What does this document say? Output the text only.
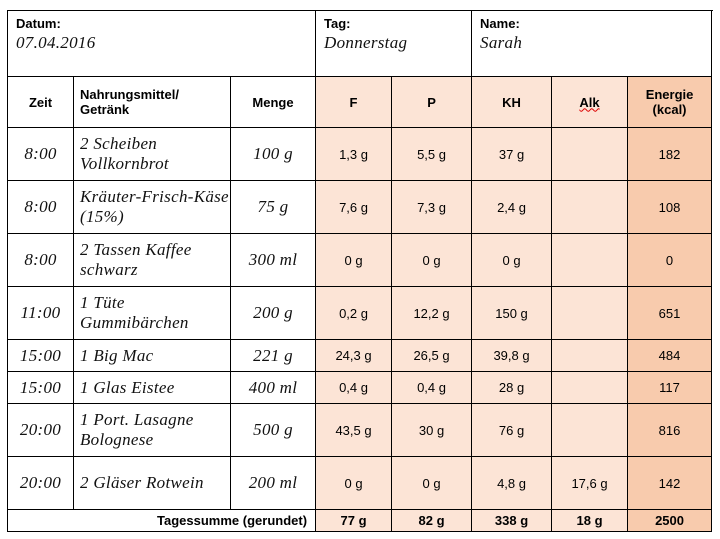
Datum:
07.04.2016			Tag:
Donnerstag		Name:
Sarah		

Zeit	Nahrungsmittel/ Getränk	Menge	F	P	KH	Alk	Energie (kcal)
8:00	2 Scheiben Vollkornbrot	100 g	1,3 g	5,5 g	37 g		182
8:00	Kräuter-Frisch-Käse (15%)	75 g	7,6 g	7,3 g	2,4 g		108
8:00	2 Tassen Kaffee schwarz	300 ml	0 g	0 g	0 g		0
11:00	1 Tüte Gummibärchen	200 g	0,2 g	12,2 g	150 g		651
15:00	1 Big Mac	221 g	24,3 g	26,5 g	39,8 g		484
15:00	1 Glas Eistee	400 ml	0,4 g	0,4 g	28 g		117
20:00	1 Port. Lasagne Bolognese	500 g	43,5 g	30 g	76 g		816
20:00	2 Gläser Rotwein	200 ml	0 g	0 g	4,8 g	17,6 g	142
Tagessumme (gerundet)			77 g	82 g	338 g	18 g	2500
